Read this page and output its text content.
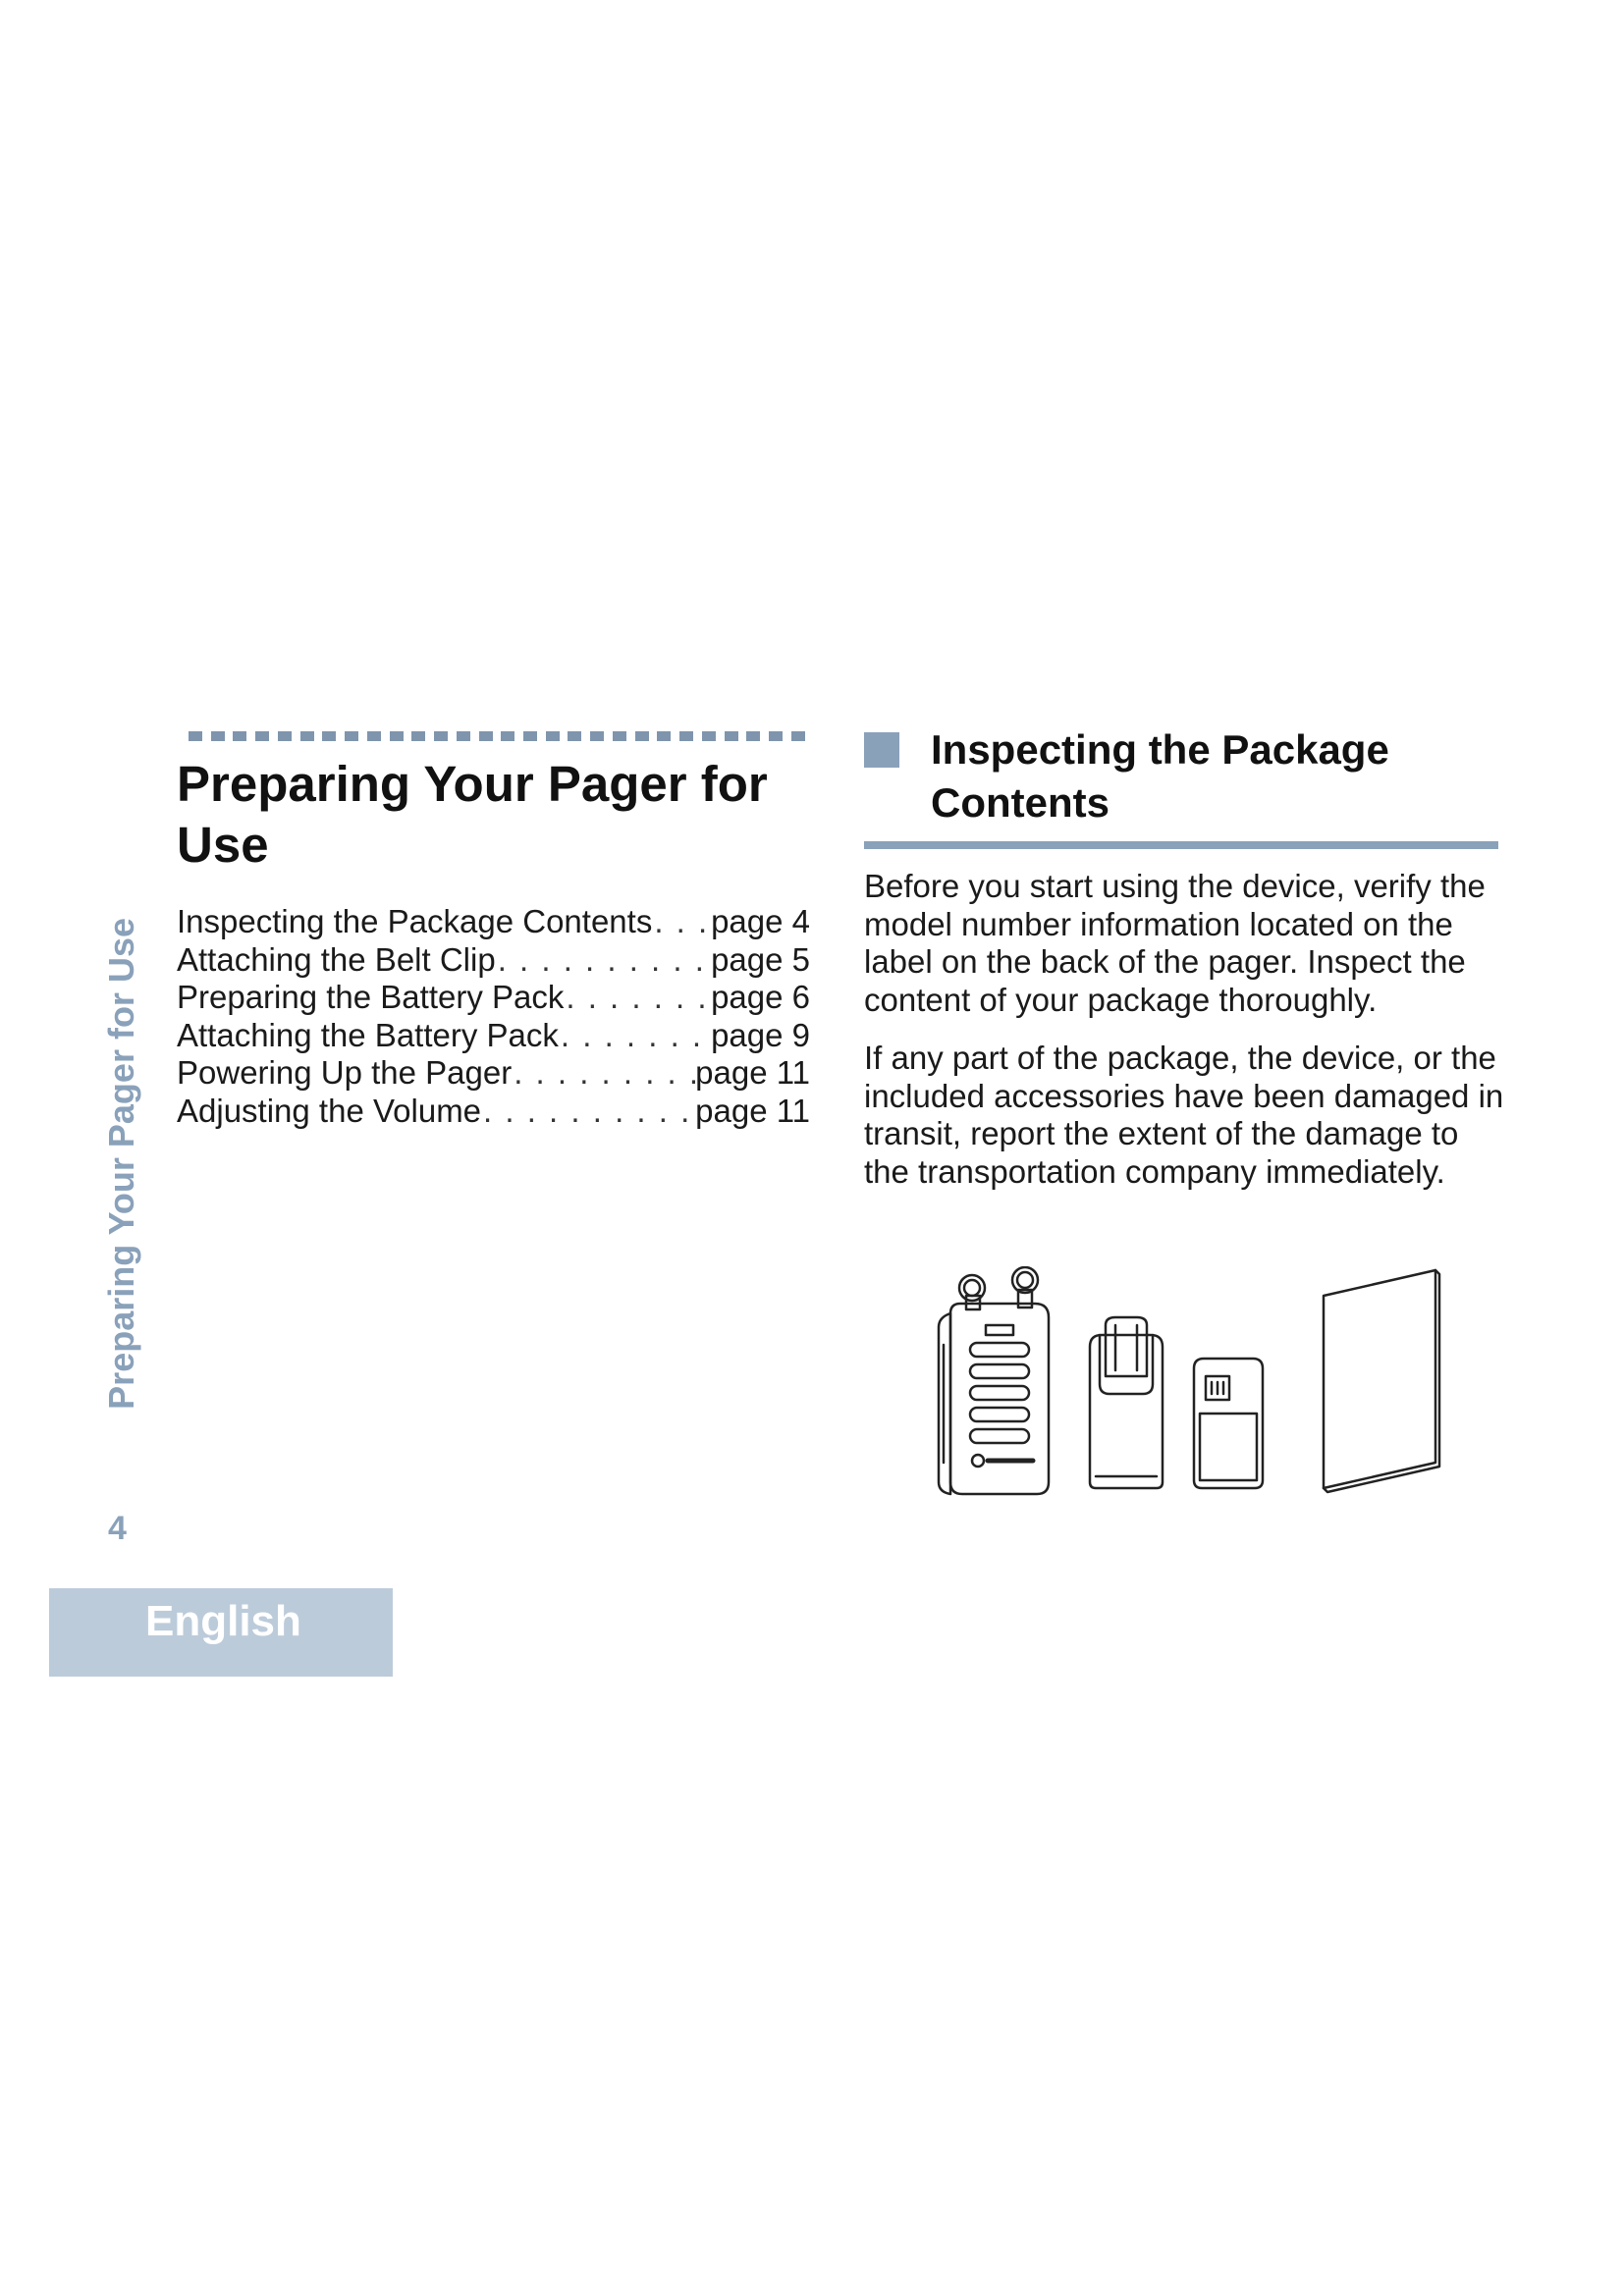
Preparing Your Pager for Use
Inspecting the Package Contents . . . page 4
Attaching the Belt Clip . . .	page 5
Preparing the Battery Pack . . .	page 6
Attaching the Battery Pack . . .	page 9
Powering Up the Pager . . .	page 11
Adjusting the Volume . . .	page 11
Preparing Your Pager for Use
4
English
Inspecting the Package Contents

Before you start using the device, verify the model number information located on the label on the back of the pager. Inspect the content of your package thoroughly.

If any part of the package, the device, or the included accessories have been damaged in transit, report the extent of the damage to the transportation company immediately.
